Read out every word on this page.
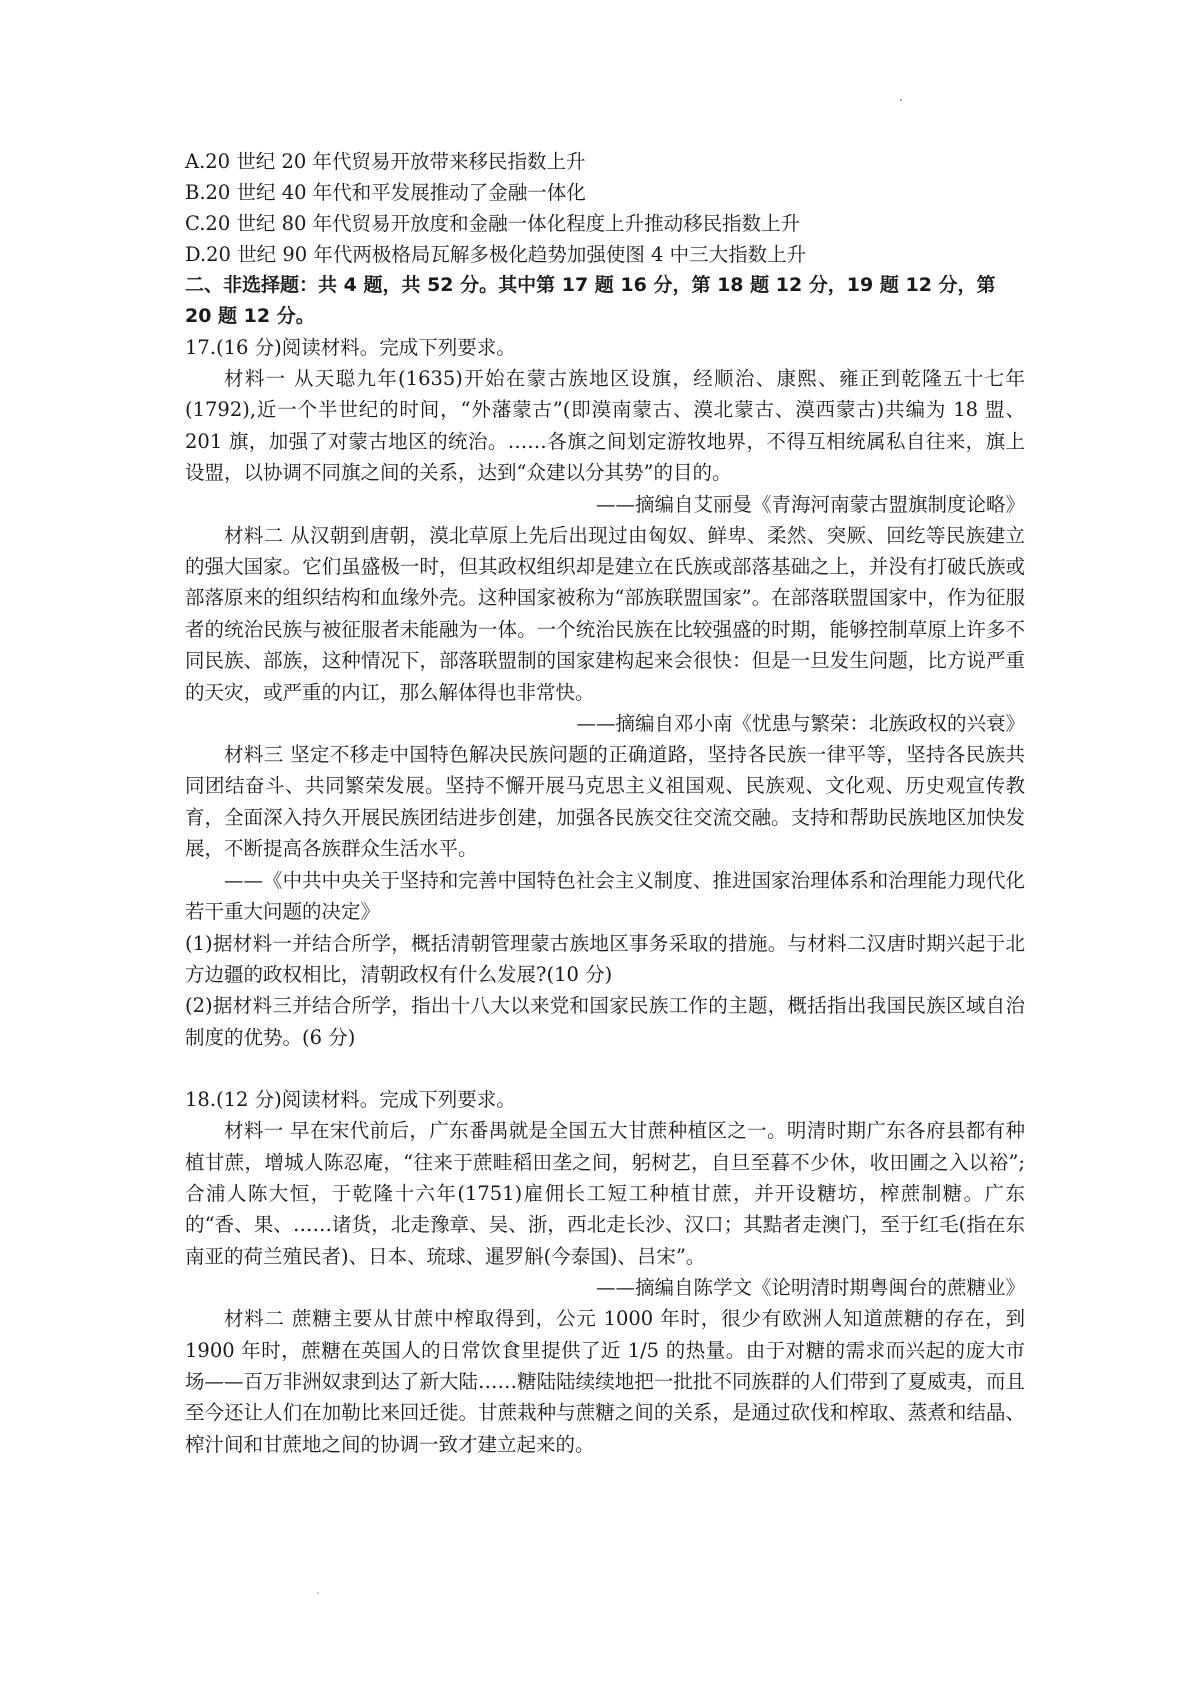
A.20 世纪 20 年代贸易开放带来移民指数上升

B.20 世纪 40 年代和平发展推动了金融一体化

C.20 世纪 80 年代贸易开放度和金融一体化程度上升推动移民指数上升

D.20 世纪 90 年代两极格局瓦解多极化趋势加强使图 4 中三大指数上升

二、非选择题：共 4 题，共 52 分。其中第 17 题 16 分，第 18 题 12 分，19 题 12 分，第 20 题 12 分。

17.(16 分)阅读材料。完成下列要求。

材料一 从天聪九年(1635)开始在蒙古族地区设旗，经顺治、康熙、雍正到乾隆五十七年(1792),近一个半世纪的时间，“外藩蒙古”(即漠南蒙古、漠北蒙古、漠西蒙古)共编为 18 盟、201 旗，加强了对蒙古地区的统治。……各旗之间划定游牧地界，不得互相统属私自往来，旗上设盟，以协调不同旗之间的关系，达到“众建以分其势”的目的。

——摘编自艾丽曼《青海河南蒙古盟旗制度论略》

材料二 从汉朝到唐朝，漠北草原上先后出现过由匈奴、鲜卑、柔然、突厥、回纥等民族建立的强大国家。它们虽盛极一时，但其政权组织却是建立在氏族或部落基础之上，并没有打破氏族或部落原来的组织结构和血缘外壳。这种国家被称为“部族联盟国家”。在部落联盟国家中，作为征服者的统治民族与被征服者未能融为一体。一个统治民族在比较强盛的时期，能够控制草原上许多不同民族、部族，这种情况下，部落联盟制的国家建构起来会很快：但是一旦发生问题，比方说严重的天灾，或严重的内讧，那么解体得也非常快。

——摘编自邓小南《忧患与繁荣：北族政权的兴衰》

材料三 坚定不移走中国特色解决民族问题的正确道路，坚持各民族一律平等，坚持各民族共同团结奋斗、共同繁荣发展。坚持不懈开展马克思主义祖国观、民族观、文化观、历史观宣传教育，全面深入持久开展民族团结进步创建，加强各民族交往交流交融。支持和帮助民族地区加快发展，不断提高各族群众生活水平。

——《中共中央关于坚持和完善中国特色社会主义制度、推进国家治理体系和治理能力现代化若干重大问题的决定》

(1)据材料一并结合所学，概括清朝管理蒙古族地区事务采取的措施。与材料二汉唐时期兴起于北方边疆的政权相比，清朝政权有什么发展?(10 分)

(2)据材料三并结合所学，指出十八大以来党和国家民族工作的主题，概括指出我国民族区域自治制度的优势。(6 分)

18.(12 分)阅读材料。完成下列要求。

材料一 早在宋代前后，广东番禺就是全国五大甘蔗种植区之一。明清时期广东各府县都有种植甘蔗，增城人陈忍庵，“往来于蔗畦稻田垄之间，躬树艺，自旦至暮不少休，收田圃之入以裕”;合浦人陈大恒，于乾隆十六年(1751)雇佣长工短工种植甘蔗，并开设糖坊，榨蔗制糖。广东的“香、果、……诸货，北走豫章、吴、浙，西北走长沙、汉口；其黠者走澳门，至于红毛(指在东南亚的荷兰殖民者)、日本、琉球、暹罗斛(今泰国)、吕宋”。

——摘编自陈学文《论明清时期粤闽台的蔗糖业》

材料二 蔗糖主要从甘蔗中榨取得到，公元 1000 年时，很少有欧洲人知道蔗糖的存在，到 1900 年时，蔗糖在英国人的日常饮食里提供了近 1/5 的热量。由于对糖的需求而兴起的庞大市场——百万非洲奴隶到达了新大陆……糖陆陆续续地把一批批不同族群的人们带到了夏威夷，而且至今还让人们在加勒比来回迁徙。甘蔗栽种与蔗糖之间的关系，是通过砍伐和榨取、蒸煮和结晶、榨汁间和甘蔗地之间的协调一致才建立起来的。
